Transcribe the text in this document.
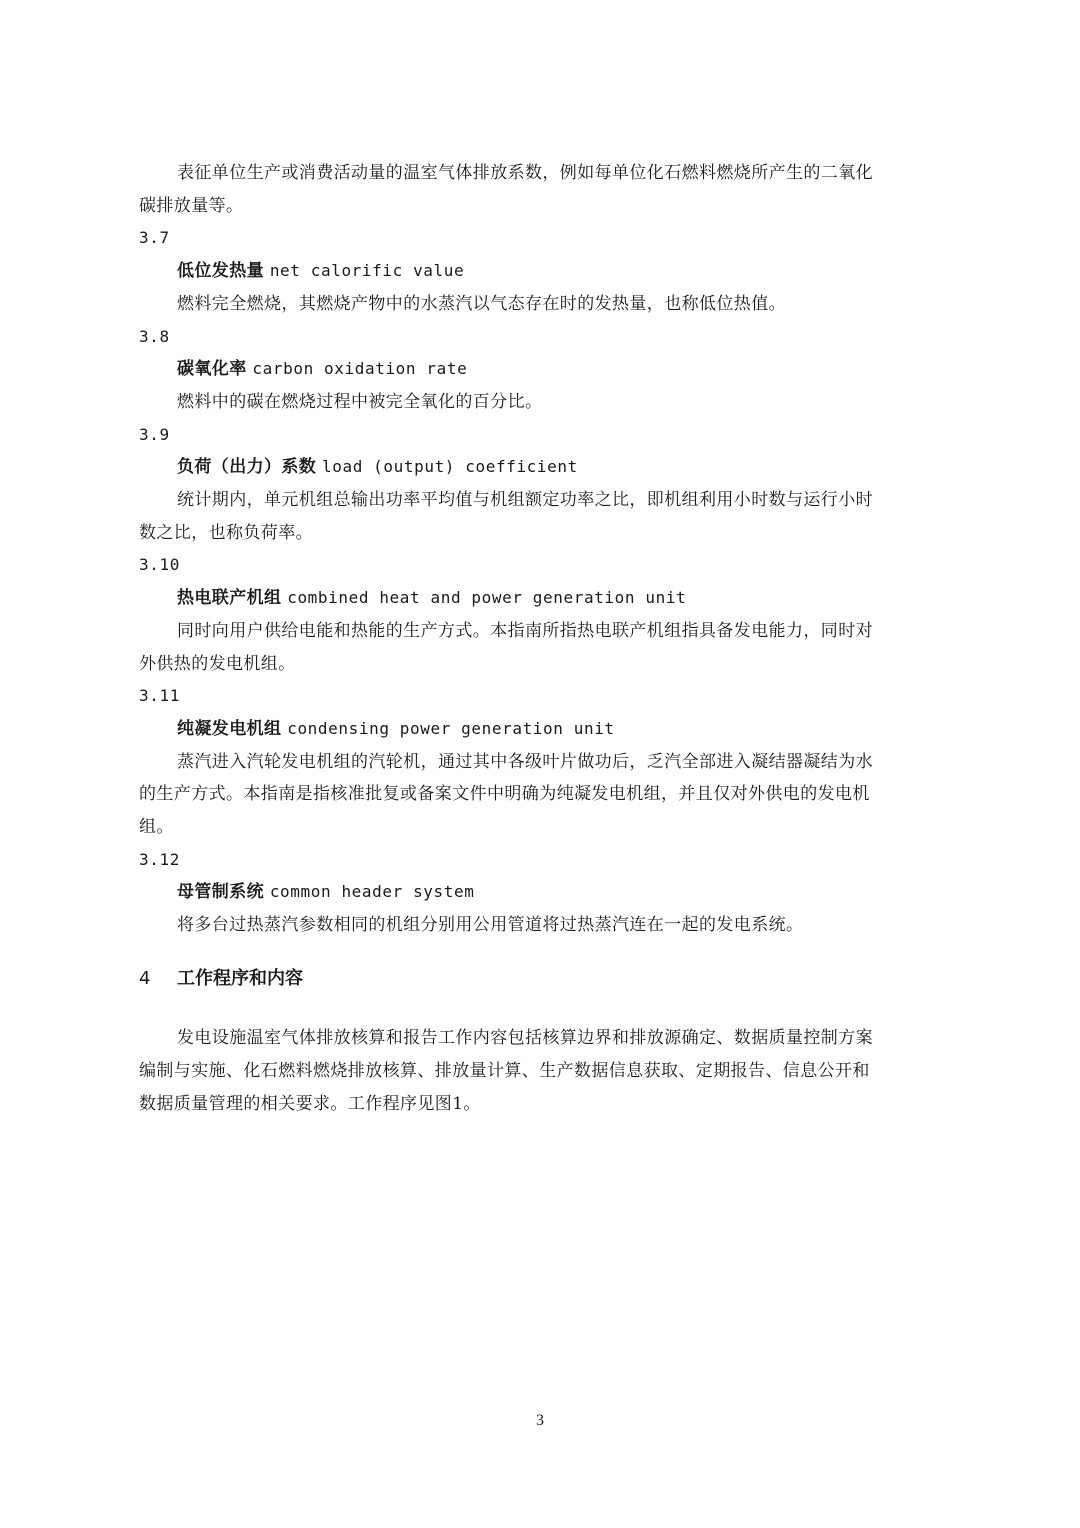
表征单位生产或消费活动量的温室气体排放系数，例如每单位化石燃料燃烧所产生的二氧化
碳排放量等。
3.7
低位发热量 net calorific value
燃料完全燃烧，其燃烧产物中的水蒸汽以气态存在时的发热量，也称低位热值。
3.8
碳氧化率 carbon oxidation rate
燃料中的碳在燃烧过程中被完全氧化的百分比。
3.9
负荷（出力）系数 load (output) coefficient
统计期内，单元机组总输出功率平均值与机组额定功率之比，即机组利用小时数与运行小时
数之比，也称负荷率。
3.10
热电联产机组 combined heat and power generation unit
同时向用户供给电能和热能的生产方式。本指南所指热电联产机组指具备发电能力，同时对
外供热的发电机组。
3.11
纯凝发电机组 condensing power generation unit
蒸汽进入汽轮发电机组的汽轮机，通过其中各级叶片做功后，乏汽全部进入凝结器凝结为水
的生产方式。本指南是指核准批复或备案文件中明确为纯凝发电机组，并且仅对外供电的发电机
组。
3.12
母管制系统 common header system
将多台过热蒸汽参数相同的机组分别用公用管道将过热蒸汽连在一起的发电系统。
4 工作程序和内容
发电设施温室气体排放核算和报告工作内容包括核算边界和排放源确定、数据质量控制方案
编制与实施、化石燃料燃烧排放核算、排放量计算、生产数据信息获取、定期报告、信息公开和
数据质量管理的相关要求。工作程序见图1。
3
